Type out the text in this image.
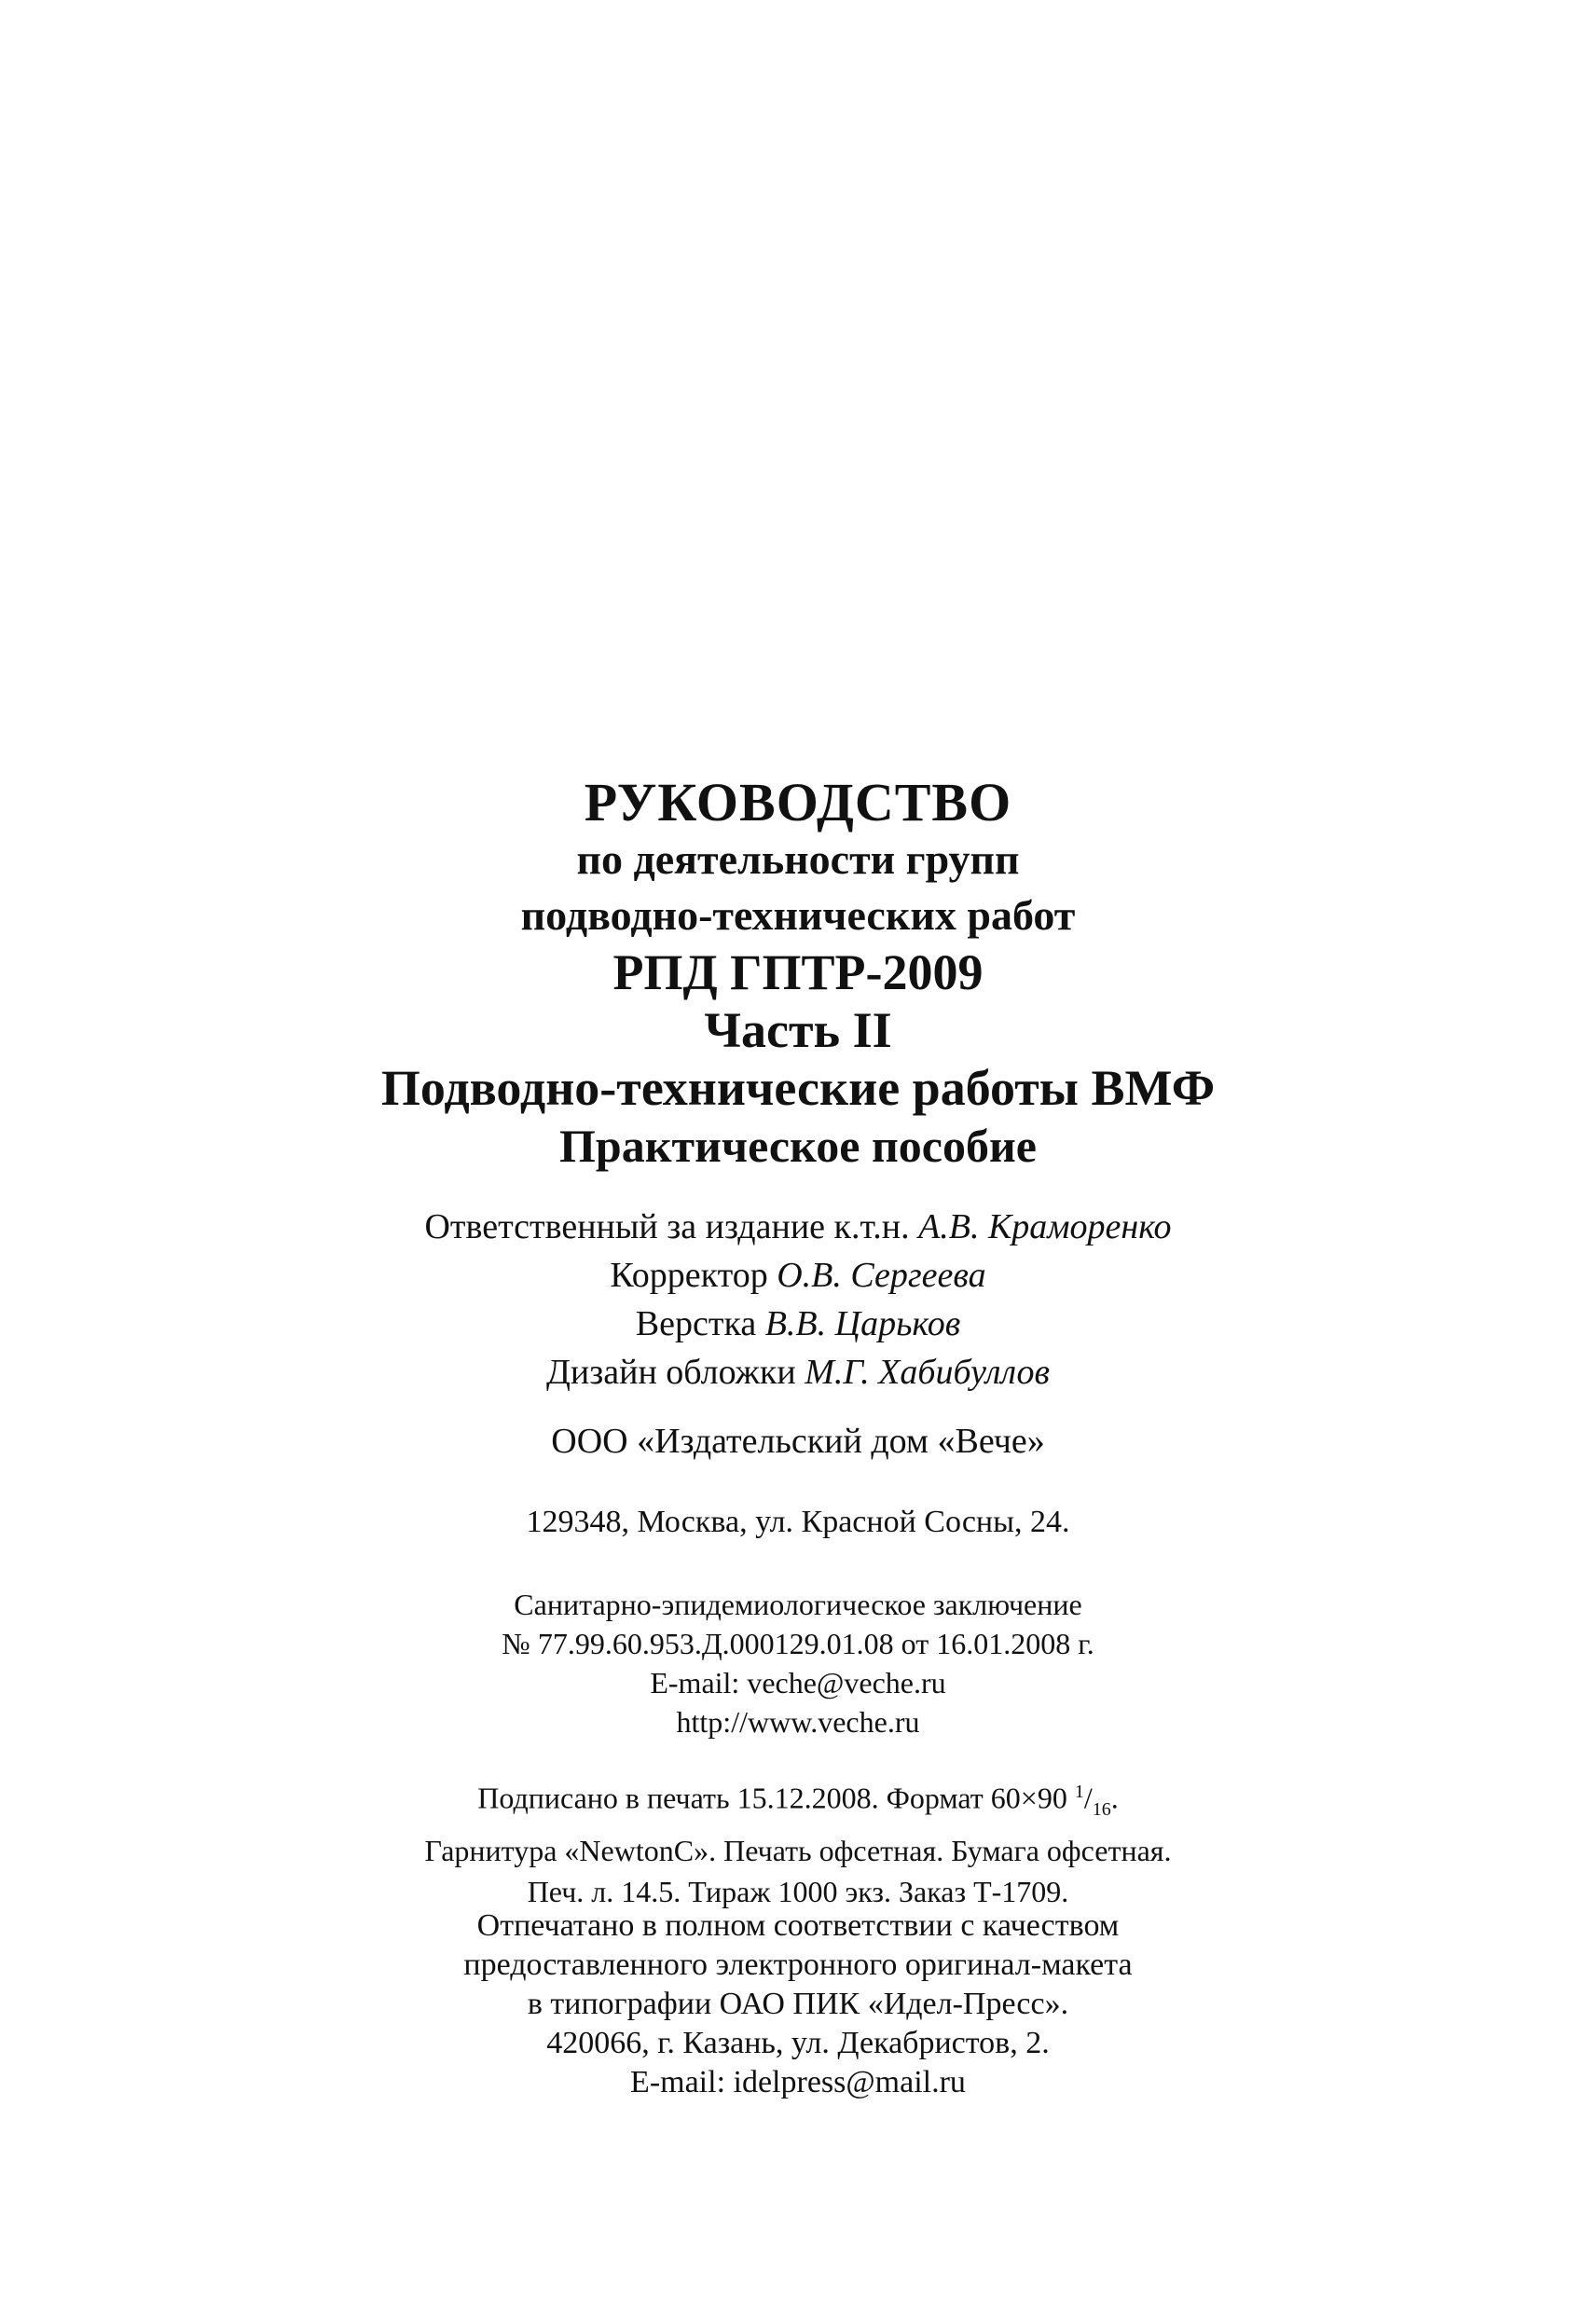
РУКОВОДСТВО
по деятельности групп
подводно-технических работ
РПД ГПТР-2009
Часть II
Подводно-технические работы ВМФ
Практическое пособие
Ответственный за издание к.т.н. А.В. Краморенко
Корректор О.В. Сергеева
Верстка В.В. Царьков
Дизайн обложки М.Г. Хабибуллов
ООО «Издательский дом «Вече»
129348, Москва, ул. Красной Сосны, 24.
Санитарно-эпидемиологическое заключение
№ 77.99.60.953.Д.000129.01.08 от 16.01.2008 г.
E-mail: veche@veche.ru
http://www.veche.ru
Подписано в печать 15.12.2008. Формат 60×90 $^1/_{16}$.
Гарнитура «NewtonC». Печать офсетная. Бумага офсетная.
Печ. л. 14.5. Тираж 1000 экз. Заказ Т-1709.
Отпечатано в полном соответствии с качеством
предоставленного электронного оригинал-макета
в типографии ОАО ПИК «Идел-Пресс».
420066, г. Казань, ул. Декабристов, 2.
E-mail: idelpress@mail.ru
